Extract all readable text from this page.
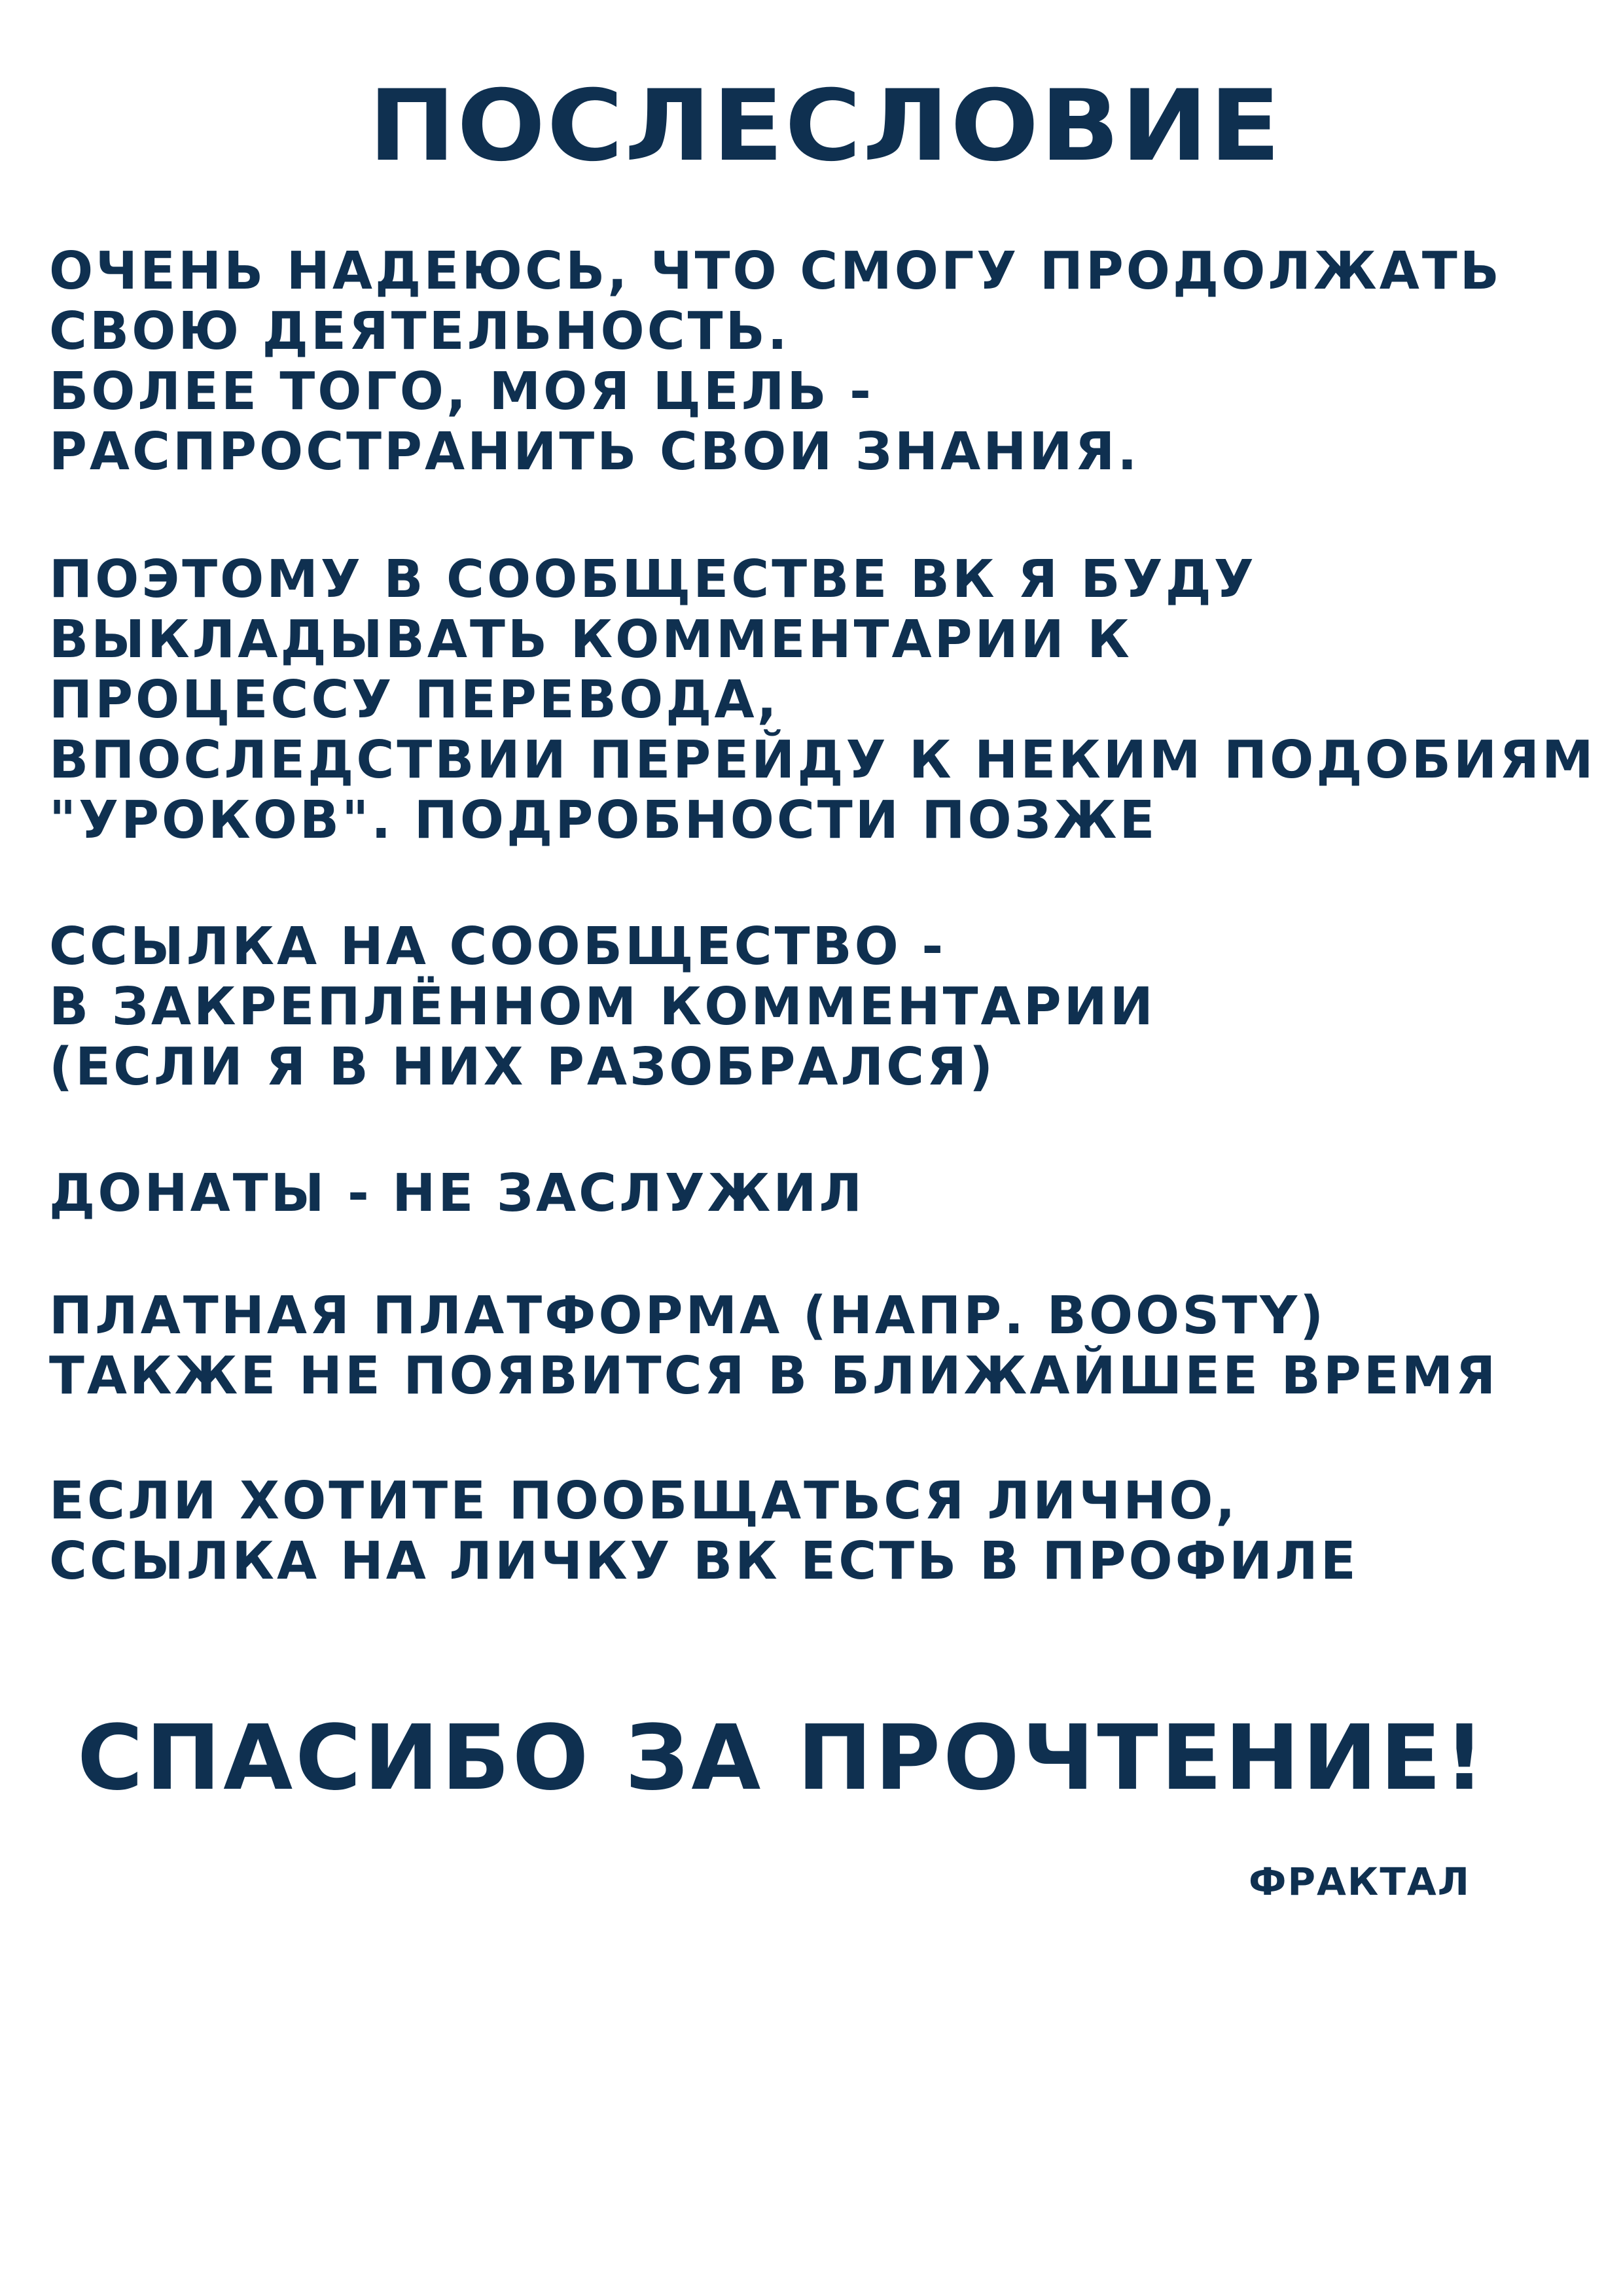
ПОСЛЕСЛОВИЕ
ОЧЕНЬ НАДЕЮСЬ, ЧТО СМОГУ ПРОДОЛЖАТЬ
СВОЮ ДЕЯТЕЛЬНОСТЬ.
БОЛЕЕ ТОГО, МОЯ ЦЕЛЬ -
РАСПРОСТРАНИТЬ СВОИ ЗНАНИЯ.
ПОЭТОМУ В СООБЩЕСТВЕ ВК Я БУДУ
ВЫКЛАДЫВАТЬ КОММЕНТАРИИ К
ПРОЦЕССУ ПЕРЕВОДА,
ВПОСЛЕДСТВИИ ПЕРЕЙДУ К НЕКИМ ПОДОБИЯМ
"УРОКОВ". ПОДРОБНОСТИ ПОЗЖЕ
ССЫЛКА НА СООБЩЕСТВО -
В ЗАКРЕПЛЁННОМ КОММЕНТАРИИ
(ЕСЛИ Я В НИХ РАЗОБРАЛСЯ)
ДОНАТЫ - НЕ ЗАСЛУЖИЛ
ПЛАТНАЯ ПЛАТФОРМА (НАПР. BOOSTY)
ТАКЖЕ НЕ ПОЯВИТСЯ В БЛИЖАЙШЕЕ ВРЕМЯ
ЕСЛИ ХОТИТЕ ПООБЩАТЬСЯ ЛИЧНО,
ССЫЛКА НА ЛИЧКУ ВК ЕСТЬ В ПРОФИЛЕ
СПАСИБО ЗА ПРОЧТЕНИЕ!
ФРАКТАЛ
